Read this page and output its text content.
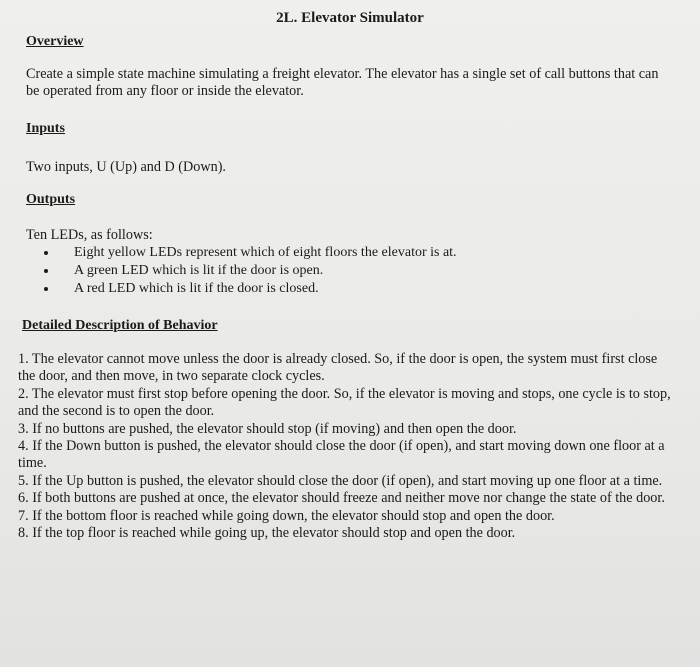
2L. Elevator Simulator
Overview
Create a simple state machine simulating a freight elevator. The elevator has a single set of call buttons that can be operated from any floor or inside the elevator.
Inputs
Two inputs, U (Up) and D (Down).
Outputs
Ten LEDs, as follows:
• Eight yellow LEDs represent which of eight floors the elevator is at.
• A green LED which is lit if the door is open.
• A red LED which is lit if the door is closed.
Detailed Description of Behavior
1. The elevator cannot move unless the door is already closed. So, if the door is open, the system must first close the door, and then move, in two separate clock cycles.
2. The elevator must first stop before opening the door. So, if the elevator is moving and stops, one cycle is to stop, and the second is to open the door.
3. If no buttons are pushed, the elevator should stop (if moving) and then open the door.
4. If the Down button is pushed, the elevator should close the door (if open), and start moving down one floor at a time.
5. If the Up button is pushed, the elevator should close the door (if open), and start moving up one floor at a time.
6. If both buttons are pushed at once, the elevator should freeze and neither move nor change the state of the door.
7. If the bottom floor is reached while going down, the elevator should stop and open the door.
8. If the top floor is reached while going up, the elevator should stop and open the door.
